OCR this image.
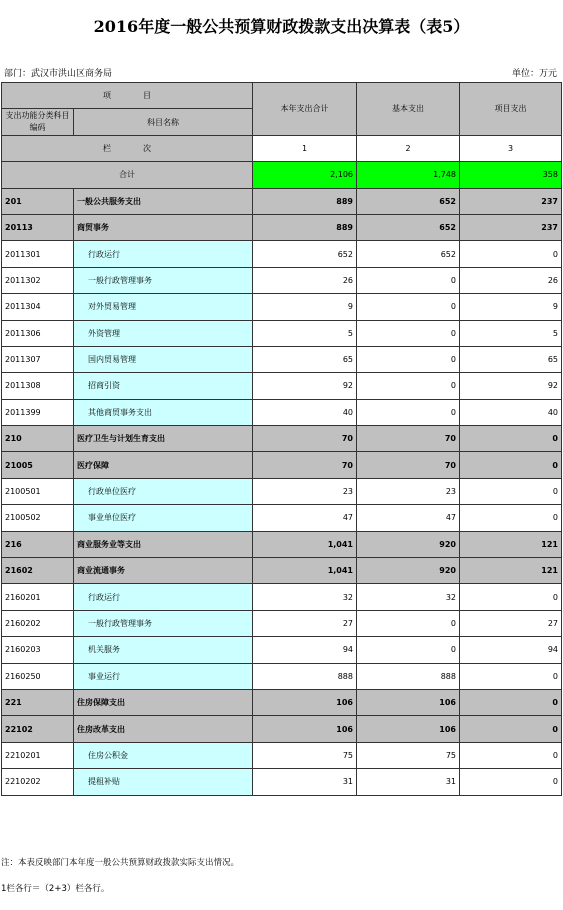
2016年度一般公共预算财政拨款支出决算表（表5）
部门：武汉市洪山区商务局	单位：万元
项　　　　目		本年支出合计	基本支出	项目支出
支出功能分类科目编码	科目名称			

栏　　　　次		1	2	3
合计		2,106	1,748	358
201	一般公共服务支出	889	652	237
20113	商贸事务	889	652	237
2011301	行政运行	652	652	0
2011302	一般行政管理事务	26	0	26
2011304	对外贸易管理	9	0	9
2011306	外资管理	5	0	5
2011307	国内贸易管理	65	0	65
2011308	招商引资	92	0	92
2011399	其他商贸事务支出	40	0	40
210	医疗卫生与计划生育支出	70	70	0
21005	医疗保障	70	70	0
2100501	行政单位医疗	23	23	0
2100502	事业单位医疗	47	47	0
216	商业服务业等支出	1,041	920	121
21602	商业流通事务	1,041	920	121
2160201	行政运行	32	32	0
2160202	一般行政管理事务	27	0	27
2160203	机关服务	94	0	94
2160250	事业运行	888	888	0
221	住房保障支出	106	106	0
22102	住房改革支出	106	106	0
2210201	住房公积金	75	75	0
2210202	提租补贴	31	31	0
注：本表反映部门本年度一般公共预算财政拨款实际支出情况。
1栏各行＝（2+3）栏各行。
